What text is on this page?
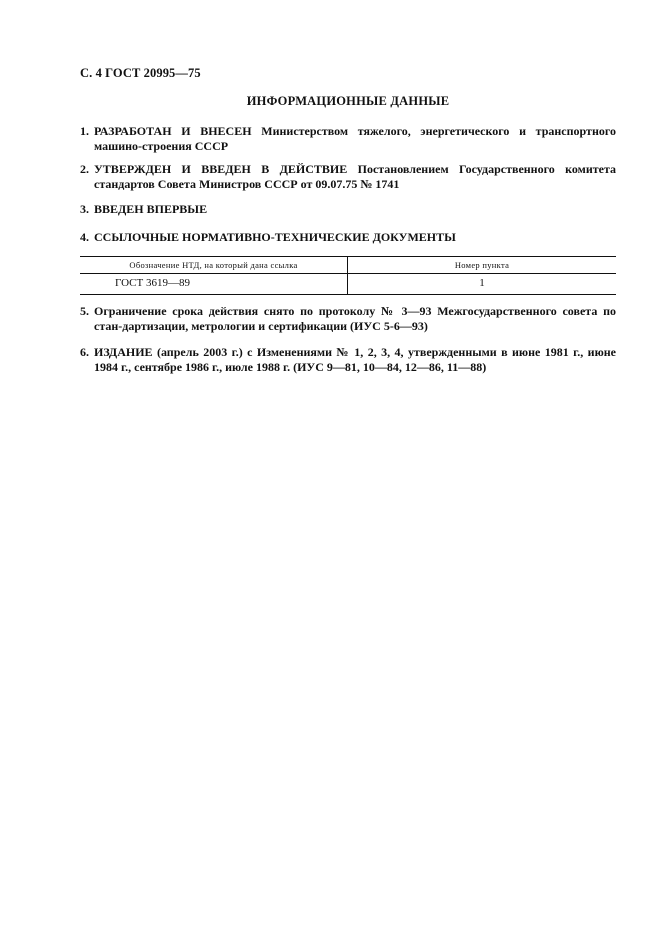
С. 4 ГОСТ 20995—75
ИНФОРМАЦИОННЫЕ ДАННЫЕ
1. РАЗРАБОТАН И ВНЕСЕН Министерством тяжелого, энергетического и транспортного машино-строения СССР
2. УТВЕРЖДЕН И ВВЕДЕН В ДЕЙСТВИЕ Постановлением Государственного комитета стандартов Совета Министров СССР от 09.07.75 № 1741
3. ВВЕДЕН ВПЕРВЫЕ
4. ССЫЛОЧНЫЕ НОРМАТИВНО-ТЕХНИЧЕСКИЕ ДОКУМЕНТЫ
Обозначение НТД, на который дана ссылка	Номер пункта
ГОСТ 3619—89	1
5. Ограничение срока действия снято по протоколу № 3—93 Межгосударственного совета по стан-дартизации, метрологии и сертификации (ИУС 5-6—93)
6. ИЗДАНИЕ (апрель 2003 г.) с Изменениями № 1, 2, 3, 4, утвержденными в июне 1981 г., июне 1984 г., сентябре 1986 г., июле 1988 г. (ИУС 9—81, 10—84, 12—86, 11—88)
